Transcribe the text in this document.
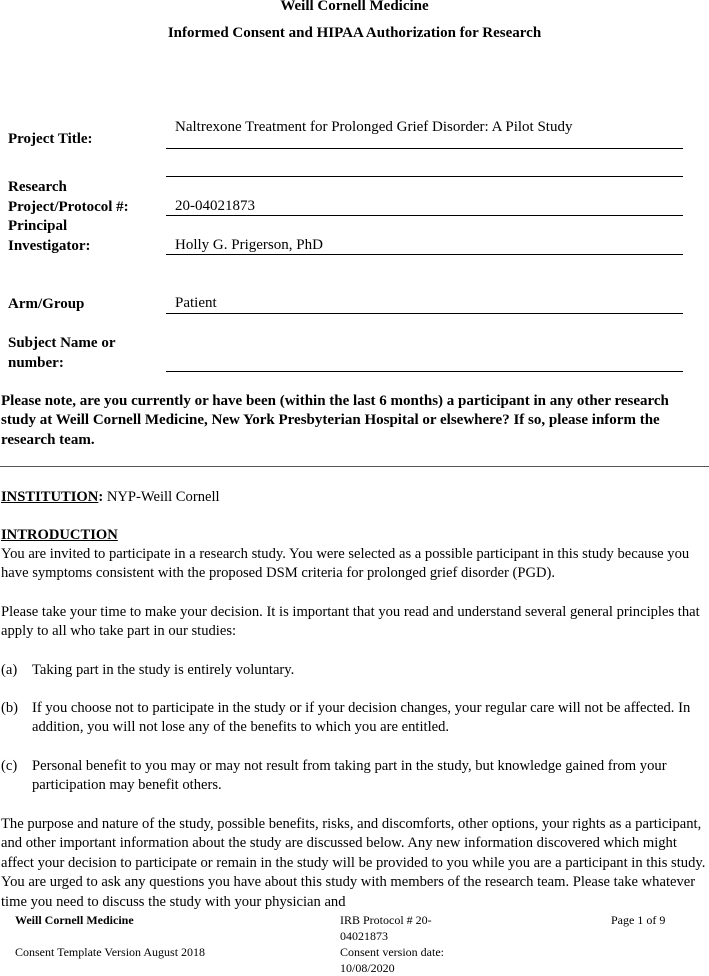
Weill Cornell Medicine
Informed Consent and HIPAA Authorization for Research
Project Title:
Naltrexone Treatment for Prolonged Grief Disorder: A Pilot Study
Research
Project/Protocol #:	20-04021873
Principal
Investigator:	Holly G. Prigerson, PhD
Arm/Group	Patient
Subject Name or
number:
Please note, are you currently or have been (within the last 6 months) a participant in any other research study at Weill Cornell Medicine, New York Presbyterian Hospital or elsewhere? If so, please inform the research team.
INSTITUTION: NYP-Weill Cornell
INTRODUCTION
You are invited to participate in a research study. You were selected as a possible participant in this study because you have symptoms consistent with the proposed DSM criteria for prolonged grief disorder (PGD).
Please take your time to make your decision. It is important that you read and understand several general principles that apply to all who take part in our studies:
(a) Taking part in the study is entirely voluntary.
(b) If you choose not to participate in the study or if your decision changes, your regular care will not be affected. In addition, you will not lose any of the benefits to which you are entitled.
(c) Personal benefit to you may or may not result from taking part in the study, but knowledge gained from your participation may benefit others.
The purpose and nature of the study, possible benefits, risks, and discomforts, other options, your rights as a participant, and other important information about the study are discussed below. Any new information discovered which might affect your decision to participate or remain in the study will be provided to you while you are a participant in this study. You are urged to ask any questions you have about this study with members of the research team. Please take whatever time you need to discuss the study with your physician and
Weill Cornell Medicine
Consent Template Version August 2018
IRB Protocol # 20-
04021873
Consent version date:
10/08/2020
Page 1 of 9
